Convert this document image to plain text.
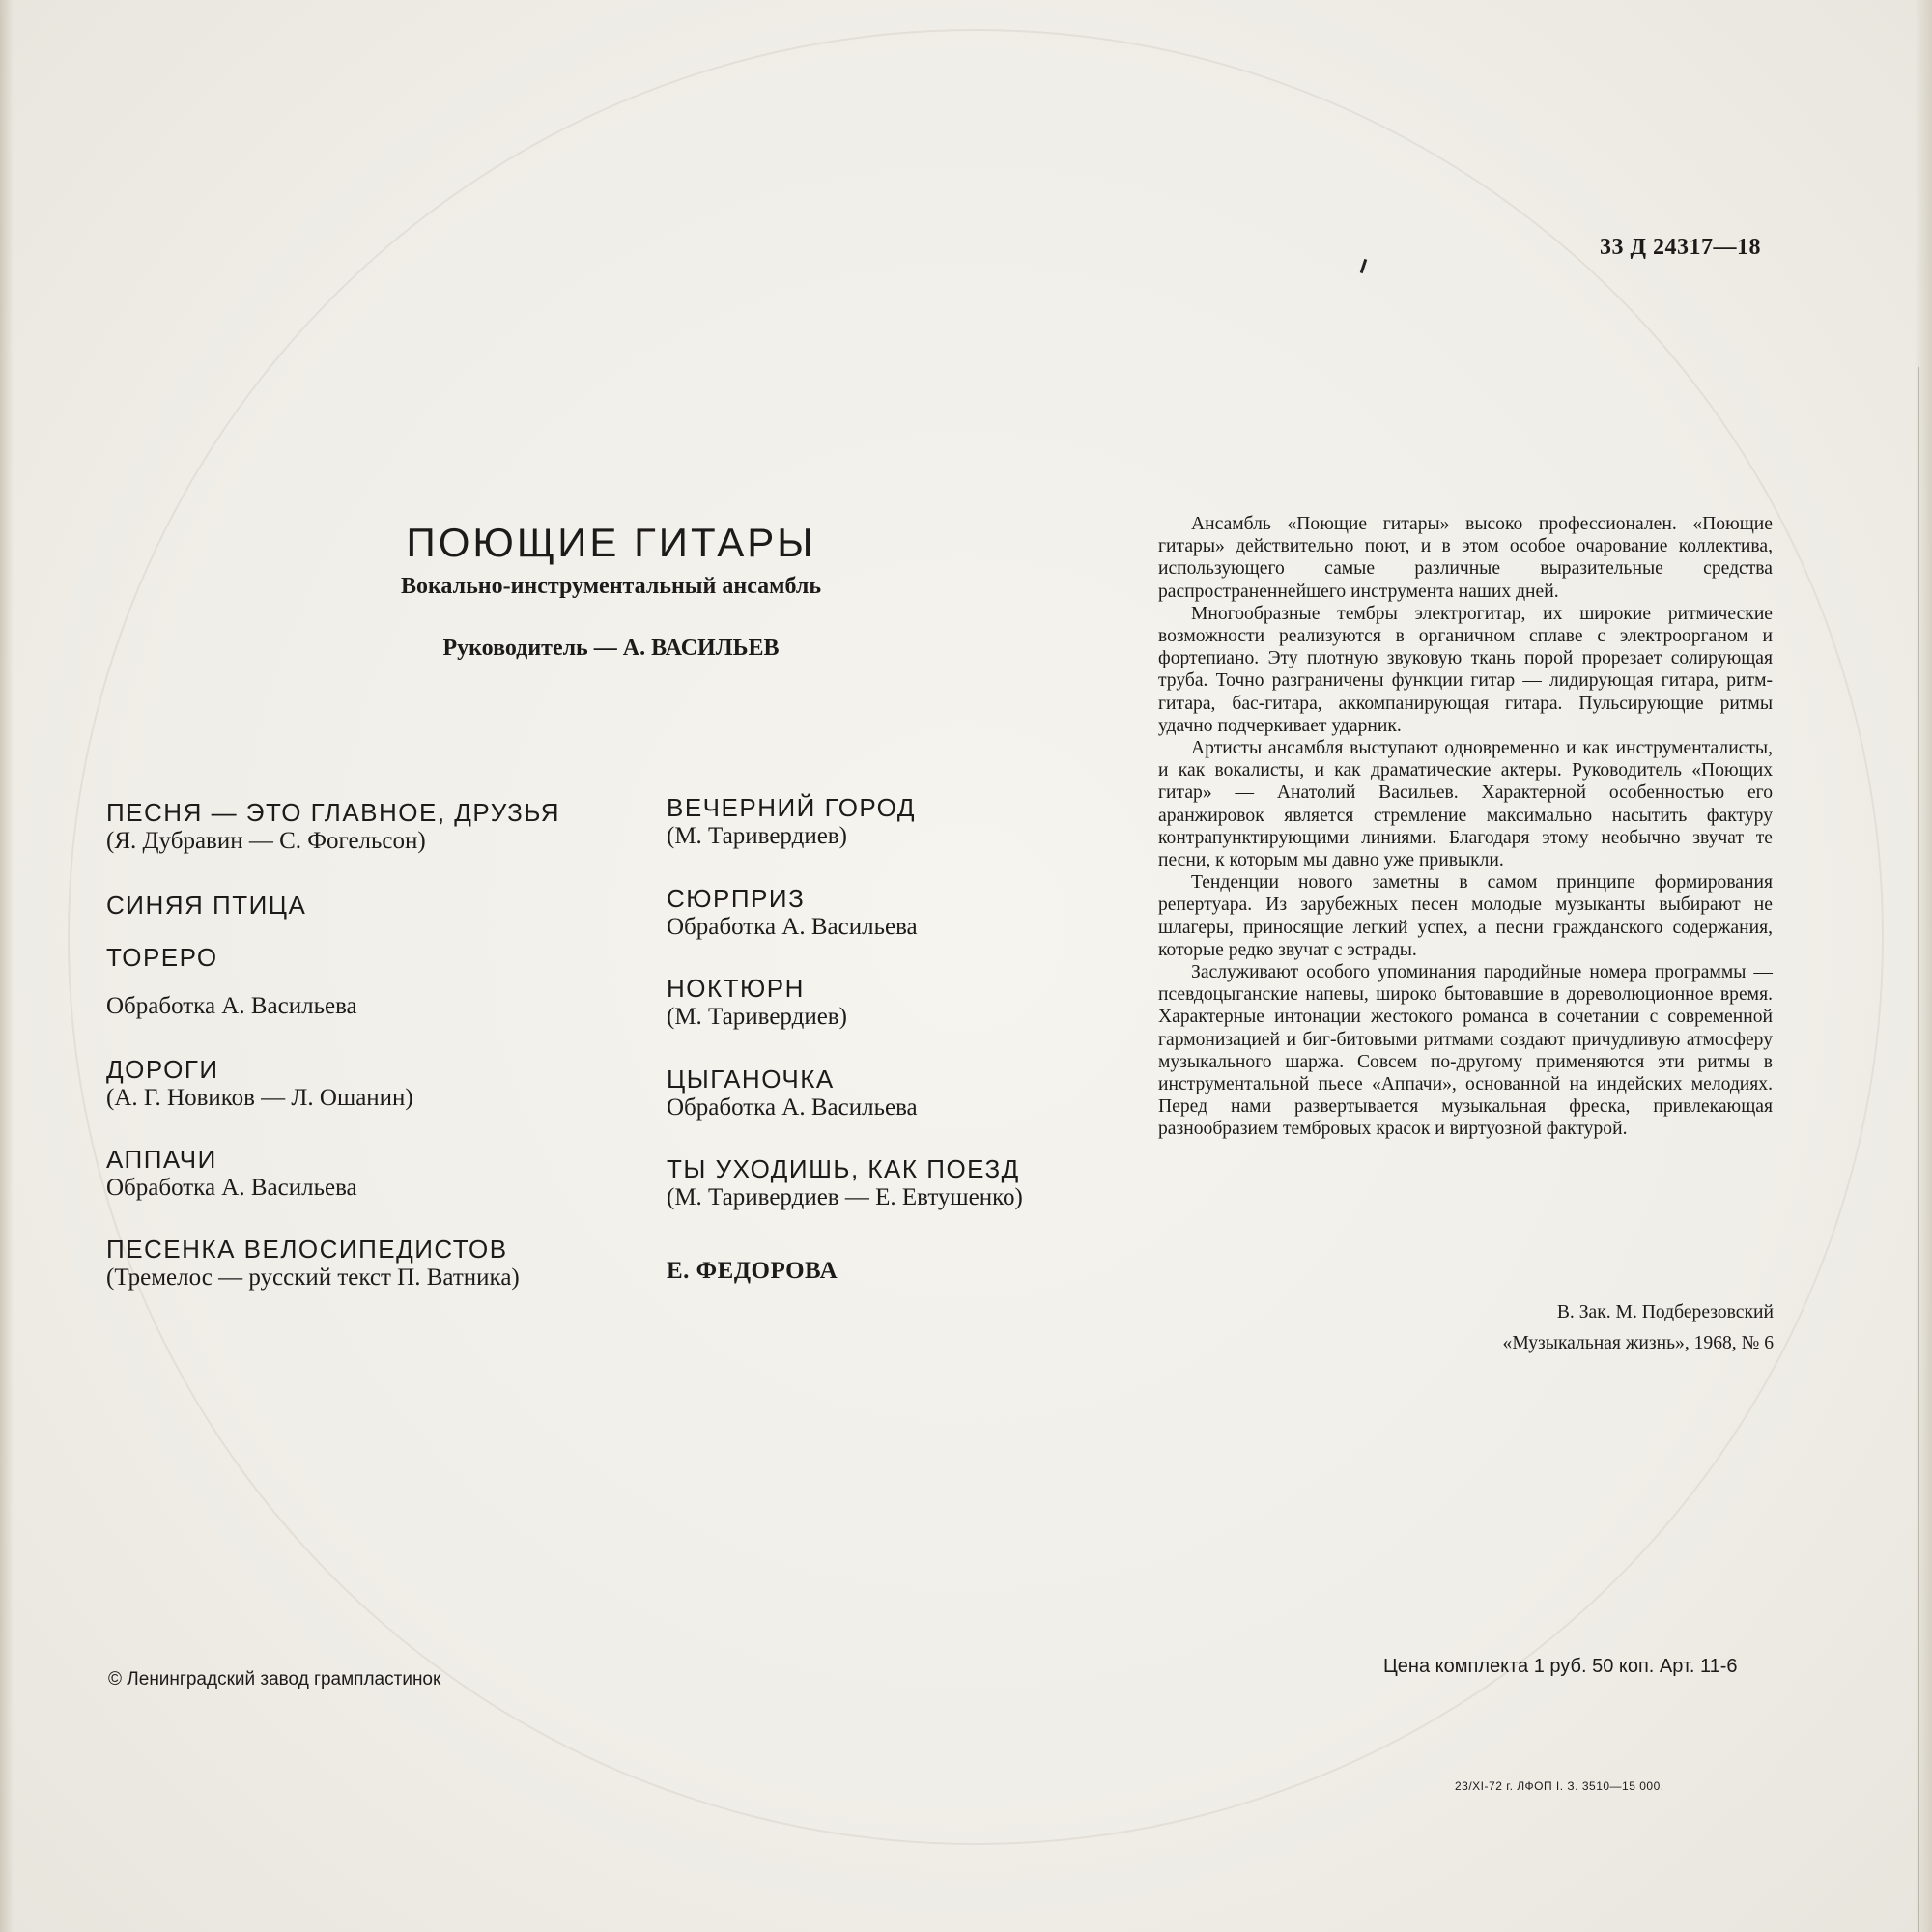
33 Д 24317—18
ПОЮЩИЕ ГИТАРЫ
Вокально-инструментальный ансамбль
Руководитель — А. ВАСИЛЬЕВ
ПЕСНЯ — ЭТО ГЛАВНОЕ, ДРУЗЬЯ
(Я. Дубравин — С. Фогельсон)
СИНЯЯ ПТИЦА
ТОРЕРО
Обработка А. Васильева
ДОРОГИ
(А. Г. Новиков — Л. Ошанин)
АППАЧИ
Обработка А. Васильева
ПЕСЕНКА ВЕЛОСИПЕДИСТОВ
(Тремелос — русский текст П. Ватника)
ВЕЧЕРНИЙ ГОРОД
(М. Таривердиев)
СЮРПРИЗ
Обработка А. Васильева
НОКТЮРН
(М. Таривердиев)
ЦЫГАНОЧКА
Обработка А. Васильева
ТЫ УХОДИШЬ, КАК ПОЕЗД
(М. Таривердиев — Е. Евтушенко)
Е. ФЕДОРОВА

Ансамбль «Поющие гитары» высоко профессионален. «Поющие гитары» действительно поют, и в этом особое очарование коллектива, использующего самые различные выразительные средства распространеннейшего инструмента наших дней.

Многообразные тембры электрогитар, их широкие ритмические возможности реализуются в органичном сплаве с электроорганом и фортепиано. Эту плотную звуковую ткань порой прорезает солирующая труба. Точно разграничены функции гитар — лидирующая гитара, ритм-гитара, бас-гитара, аккомпанирующая гитара. Пульсирующие ритмы удачно подчеркивает ударник.

Артисты ансамбля выступают одновременно и как инструменталисты, и как вокалисты, и как драматические актеры. Руководитель «Поющих гитар» — Анатолий Васильев. Характерной особенностью его аранжировок является стремление максимально насытить фактуру контрапунктирующими линиями. Благодаря этому необычно звучат те песни, к которым мы давно уже привыкли.

Тенденции нового заметны в самом принципе формирования репертуара. Из зарубежных песен молодые музыканты выбирают не шлагеры, приносящие легкий успех, а песни гражданского содержания, которые редко звучат с эстрады.

Заслуживают особого упоминания пародийные номера программы — псевдоцыганские напевы, широко бытовавшие в дореволюционное время. Характерные интонации жестокого романса в сочетании с современной гармонизацией и биг-битовыми ритмами создают причудливую атмосферу музыкального шаржа. Совсем по-другому применяются эти ритмы в инструментальной пьесе «Аппачи», основанной на индейских мелодиях. Перед нами развертывается музыкальная фреска, привлекающая разнообразием тембровых красок и виртуозной фактурой.

В. Зак. М. Подберезовский
«Музыкальная жизнь», 1968, № 6
© Ленинградский завод грампластинок
Цена комплекта 1 руб. 50 коп. Арт. 11-6
23/XI-72 г. ЛФОП I. З. 3510—15 000.
